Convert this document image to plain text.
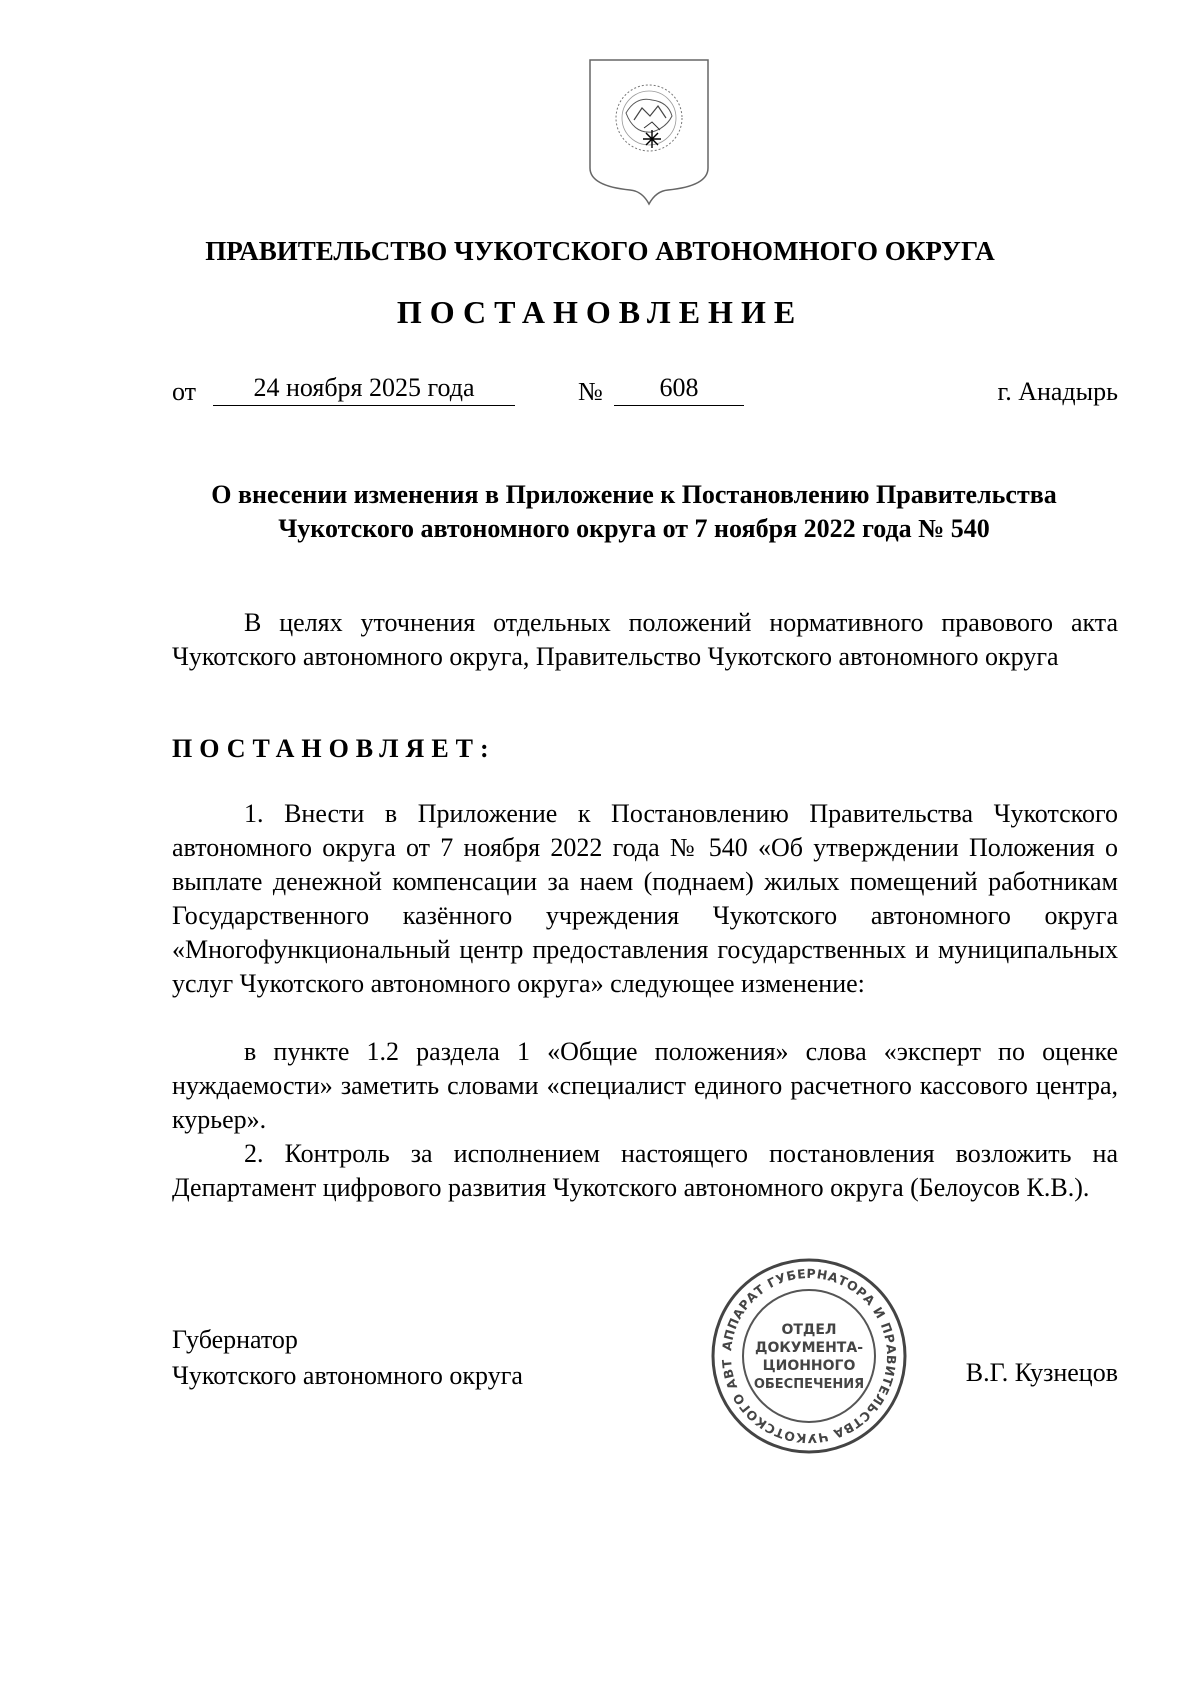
ПРАВИТЕЛЬСТВО ЧУКОТСКОГО АВТОНОМНОГО ОКРУГА
ПОСТАНОВЛЕНИЕ
от	24 ноября 2025 года	№	608	г. Анадырь
О внесении изменения в Приложение к Постановлению Правительства Чукотского автономного округа от 7 ноября 2022 года № 540
В целях уточнения отдельных положений нормативного правового акта Чукотского автономного округа, Правительство Чукотского автономного округа
ПОСТАНОВЛЯЕТ:
1. Внести в Приложение к Постановлению Правительства Чукотского автономного округа от 7 ноября 2022 года № 540 «Об утверждении Положения о выплате денежной компенсации за наем (поднаем) жилых помещений работникам Государственного казённого учреждения Чукотского автономного округа «Многофункциональный центр предоставления государственных и муниципальных услуг Чукотского автономного округа» следующее изменение:
в пункте 1.2 раздела 1 «Общие положения» слова «эксперт по оценке нуждаемости» заметить словами «специалист единого расчетного кассового центра, курьер».
2. Контроль за исполнением настоящего постановления возложить на Департамент цифрового развития Чукотского автономного округа (Белоусов К.В.).
Губернатор
Чукотского автономного округа	В.Г. Кузнецов
АППАРАТ ГУБЕРНАТОРА И ПРАВИТЕЛЬСТВА ЧУКОТСКОГО АВТ
ОТДЕЛ
ДОКУМЕНТА-
ЦИОННОГО
ОБЕСПЕЧЕНИЯ
